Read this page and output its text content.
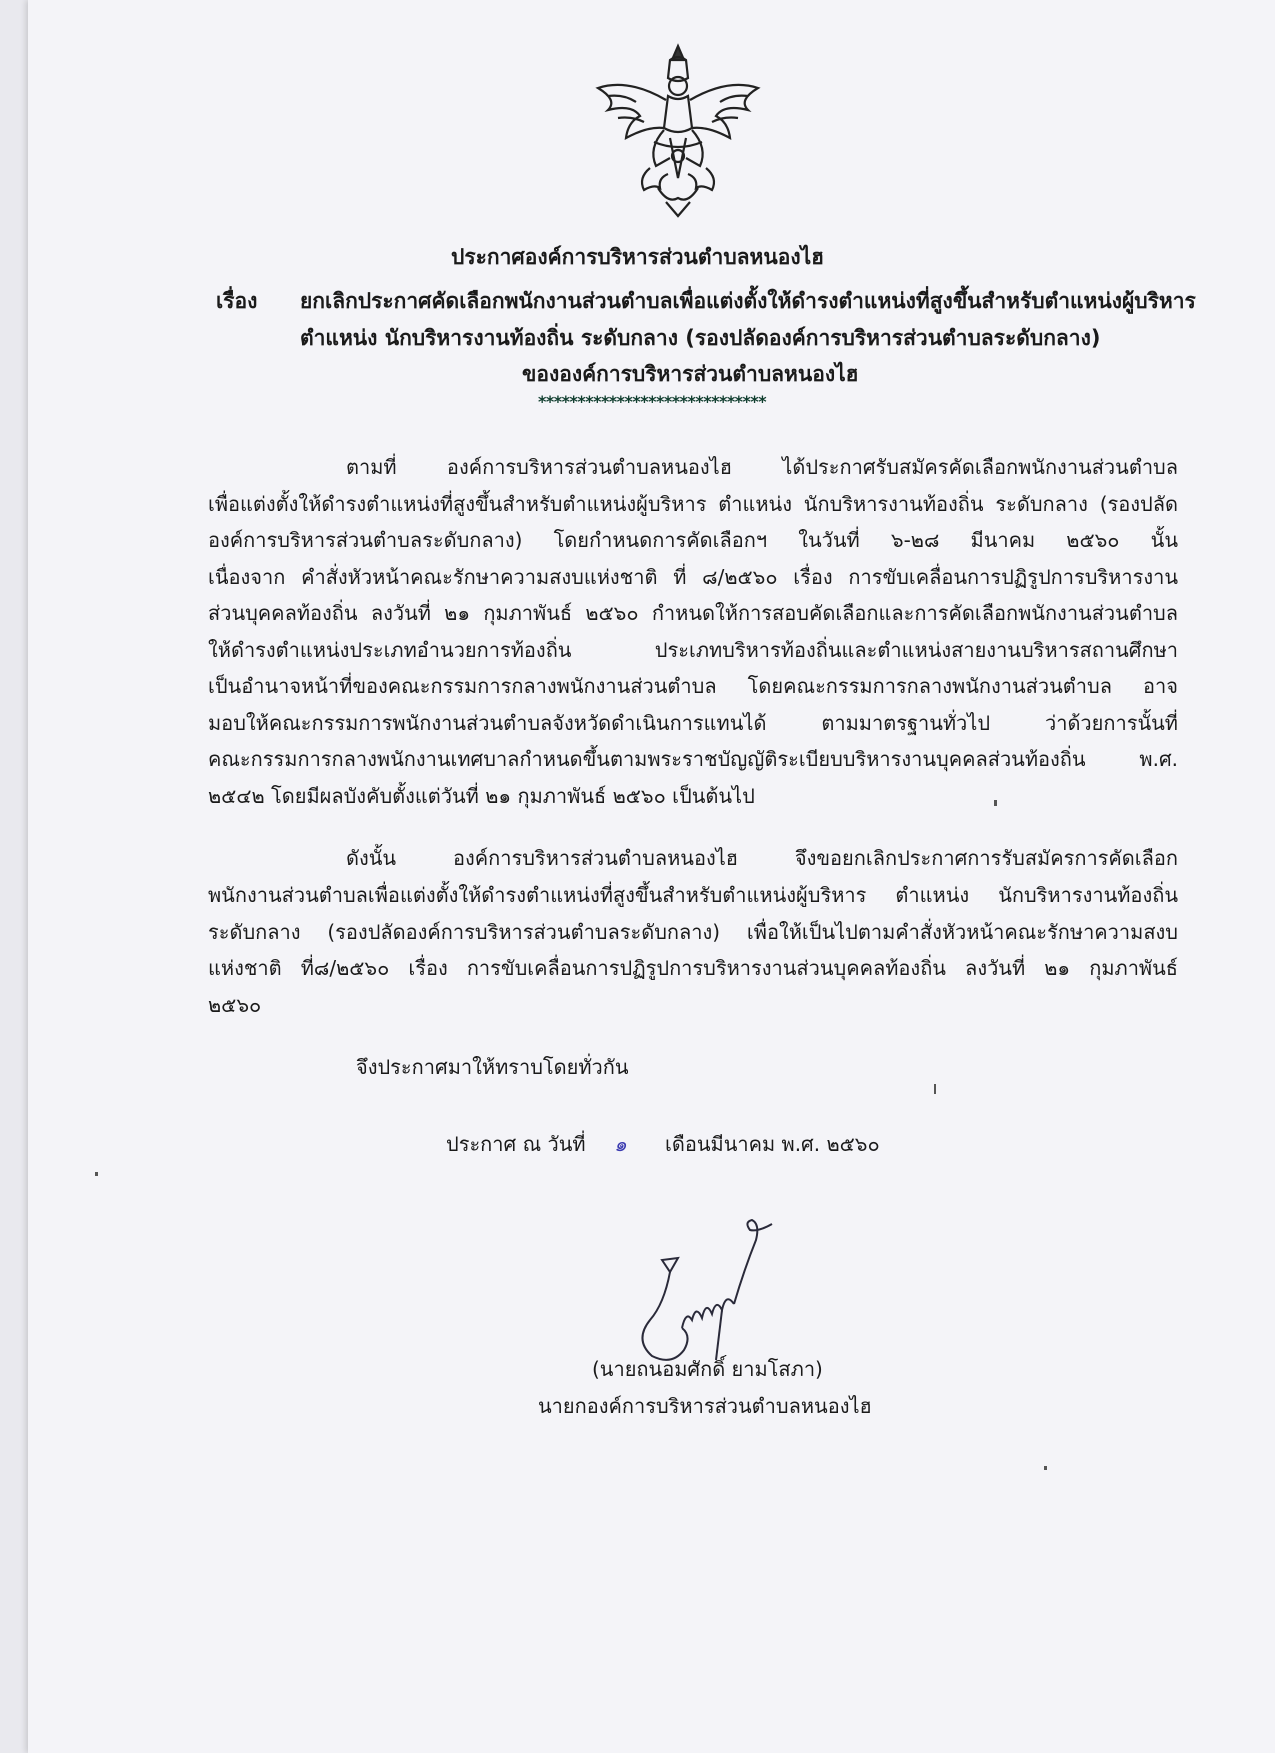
ประกาศองค์การบริหารส่วนตำบลหนองไฮ
เรื่อง ยกเลิกประกาศคัดเลือกพนักงานส่วนตำบลเพื่อแต่งตั้งให้ดำรงตำแหน่งที่สูงขึ้นสำหรับตำแหน่งผู้บริหาร
ตำแหน่ง นักบริหารงานท้องถิ่น ระดับกลาง (รองปลัดองค์การบริหารส่วนตำบลระดับกลาง)
ขององค์การบริหารส่วนตำบลหนองไฮ
*****************************
ตามที่ องค์การบริหารส่วนตำบลหนองไฮ ได้ประกาศรับสมัครคัดเลือกพนักงานส่วนตำบล
เพื่อแต่งตั้งให้ดำรงตำแหน่งที่สูงขึ้นสำหรับตำแหน่งผู้บริหาร ตำแหน่ง นักบริหารงานท้องถิ่น ระดับกลาง (รองปลัด
องค์การบริหารส่วนตำบลระดับกลาง) โดยกำหนดการคัดเลือกฯ ในวันที่ ๖-๒๘ มีนาคม ๒๕๖๐ นั้น
เนื่องจาก คำสั่งหัวหน้าคณะรักษาความสงบแห่งชาติ ที่ ๘/๒๕๖๐ เรื่อง การขับเคลื่อนการปฏิรูปการบริหารงาน
ส่วนบุคคลท้องถิ่น ลงวันที่ ๒๑ กุมภาพันธ์ ๒๕๖๐ กำหนดให้การสอบคัดเลือกและการคัดเลือกพนักงานส่วนตำบล
ให้ดำรงตำแหน่งประเภทอำนวยการท้องถิ่น ประเภทบริหารท้องถิ่นและตำแหน่งสายงานบริหารสถานศึกษา
เป็นอำนาจหน้าที่ของคณะกรรมการกลางพนักงานส่วนตำบล โดยคณะกรรมการกลางพนักงานส่วนตำบล อาจ
มอบให้คณะกรรมการพนักงานส่วนตำบลจังหวัดดำเนินการแทนได้ ตามมาตรฐานทั่วไป ว่าด้วยการนั้นที่
คณะกรรมการกลางพนักงานเทศบาลกำหนดขึ้นตามพระราชบัญญัติระเบียบบริหารงานบุคคลส่วนท้องถิ่น พ.ศ.
๒๕๔๒ โดยมีผลบังคับตั้งแต่วันที่ ๒๑ กุมภาพันธ์ ๒๕๖๐ เป็นต้นไป
ดังนั้น องค์การบริหารส่วนตำบลหนองไฮ จึงขอยกเลิกประกาศการรับสมัครการคัดเลือก
พนักงานส่วนตำบลเพื่อแต่งตั้งให้ดำรงตำแหน่งที่สูงขึ้นสำหรับตำแหน่งผู้บริหาร ตำแหน่ง นักบริหารงานท้องถิ่น
ระดับกลาง (รองปลัดองค์การบริหารส่วนตำบลระดับกลาง) เพื่อให้เป็นไปตามคำสั่งหัวหน้าคณะรักษาความสงบ
แห่งชาติ ที่๘/๒๕๖๐ เรื่อง การขับเคลื่อนการปฏิรูปการบริหารงานส่วนบุคคลท้องถิ่น ลงวันที่ ๒๑ กุมภาพันธ์
๒๕๖๐
จึงประกาศมาให้ทราบโดยทั่วกัน
ประกาศ ณ วันที่ ๑ เดือนมีนาคม พ.ศ. ๒๕๖๐
(นายถนอมศักดิ์ ยามโสภา)
นายกองค์การบริหารส่วนตำบลหนองไฮ
